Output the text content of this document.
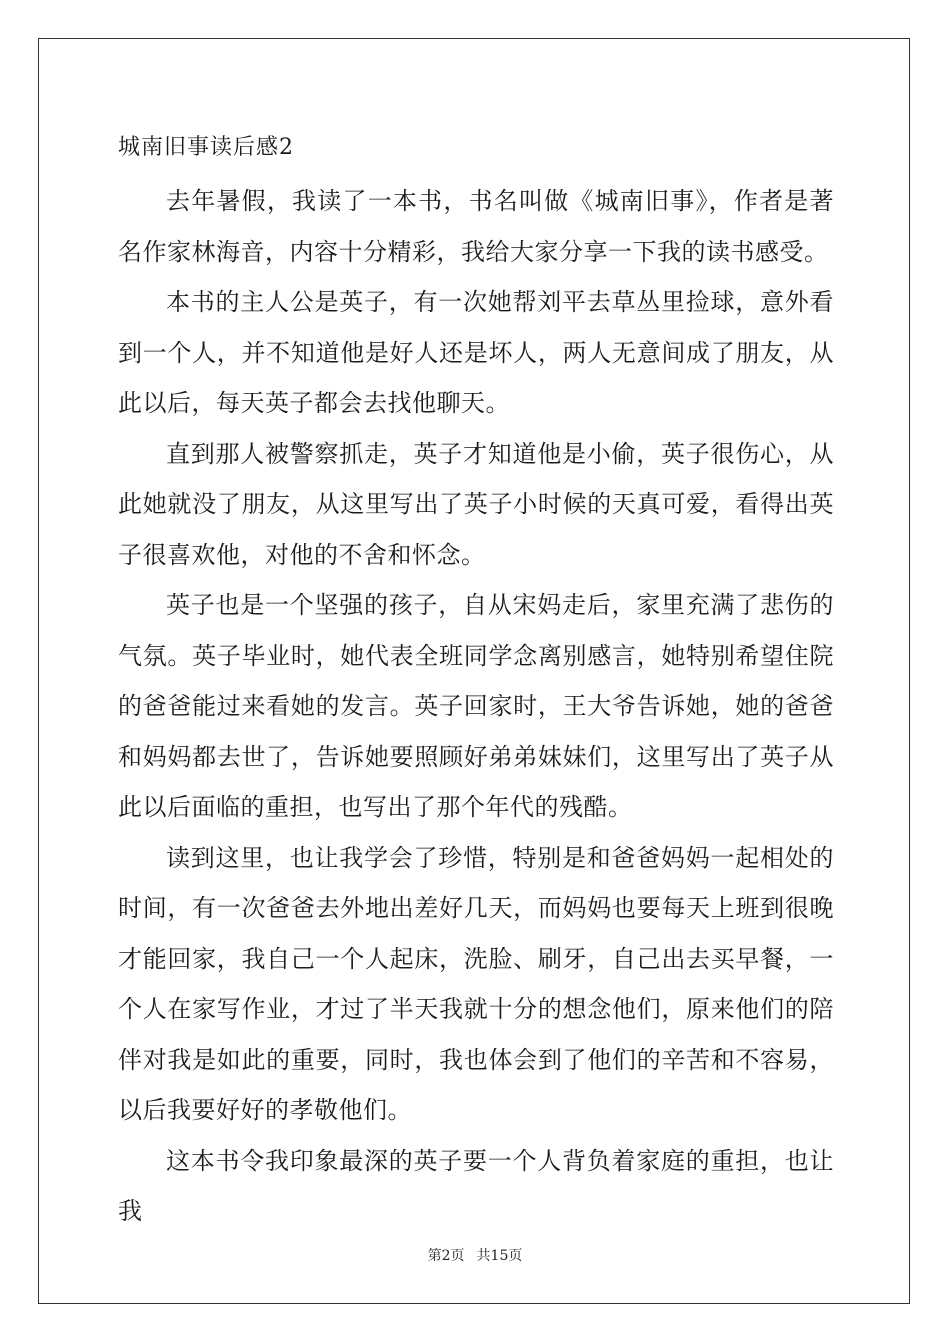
城南旧事读后感2

去年暑假，我读了一本书，书名叫做《城南旧事》，作者是著名作家林海音，内容十分精彩，我给大家分享一下我的读书感受。

本书的主人公是英子，有一次她帮刘平去草丛里捡球，意外看到一个人，并不知道他是好人还是坏人，两人无意间成了朋友，从此以后，每天英子都会去找他聊天。

直到那人被警察抓走，英子才知道他是小偷，英子很伤心，从此她就没了朋友，从这里写出了英子小时候的天真可爱，看得出英子很喜欢他，对他的不舍和怀念。

英子也是一个坚强的孩子，自从宋妈走后，家里充满了悲伤的气氛。英子毕业时，她代表全班同学念离别感言，她特别希望住院的爸爸能过来看她的发言。英子回家时，王大爷告诉她，她的爸爸和妈妈都去世了，告诉她要照顾好弟弟妹妹们，这里写出了英子从此以后面临的重担，也写出了那个年代的残酷。

读到这里，也让我学会了珍惜，特别是和爸爸妈妈一起相处的时间，有一次爸爸去外地出差好几天，而妈妈也要每天上班到很晚才能回家，我自己一个人起床，洗脸、刷牙，自己出去买早餐，一个人在家写作业，才过了半天我就十分的想念他们，原来他们的陪伴对我是如此的重要，同时，我也体会到了他们的辛苦和不容易，以后我要好好的孝敬他们。

这本书令我印象最深的英子要一个人背负着家庭的重担，也让我

第2页 共15页
